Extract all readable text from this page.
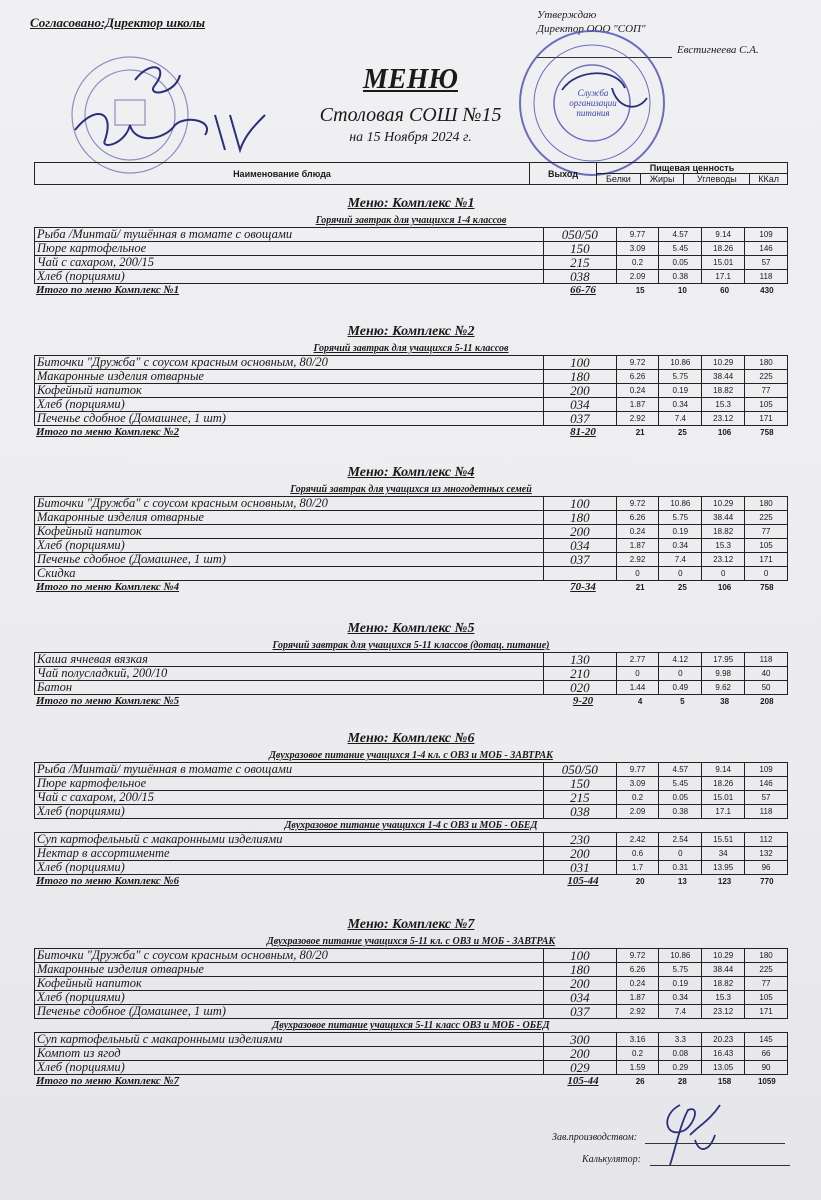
Согласовано:Директор школы	Утверждаю
Директор ООО "СОП"
Евстигнеева С.А.
Служба
организации
питания
МЕНЮ
Столовая СОШ №15
на 15 Ноября 2024 г.
Наименование блюда	Выход	Пищевая ценность			
		Белки	Жиры	Углеводы	ККал
Меню: Комплекс №1
Горячий завтрак для учащихся 1-4 классов
Рыба /Минтай/ тушённая в томате с овощами	050/50	9.77	4.57	9.14	109
Пюре картофельное	150	3.09	5.45	18.26	146
Чай с сахаром, 200/15	215	0.2	0.05	15.01	57
Хлеб (порциями)	038	2.09	0.38	17.1	118
Итого по меню Комплекс №1	66-76	15	10	60	430
Меню: Комплекс №2
Горячий завтрак для учащихся 5-11 классов
Биточки "Дружба" с соусом красным основным, 80/20	100	9.72	10.86	10.29	180
Макаронные изделия отварные	180	6.26	5.75	38.44	225
Кофейный напиток	200	0.24	0.19	18.82	77
Хлеб (порциями)	034	1.87	0.34	15.3	105
Печенье сдобное (Домашнее, 1 шт)	037	2.92	7.4	23.12	171
Итого по меню Комплекс №2	81-20	21	25	106	758
Меню: Комплекс №4
Горячий завтрак для учащихся из многодетных семей
Биточки "Дружба" с соусом красным основным, 80/20	100	9.72	10.86	10.29	180
Макаронные изделия отварные	180	6.26	5.75	38.44	225
Кофейный напиток	200	0.24	0.19	18.82	77
Хлеб (порциями)	034	1.87	0.34	15.3	105
Печенье сдобное (Домашнее, 1 шт)	037	2.92	7.4	23.12	171
Скидка		0	0	0	0
Итого по меню Комплекс №4	70-34	21	25	106	758
Меню: Комплекс №5
Горячий завтрак для учащихся 5-11 классов (дотац. питание)
Каша ячневая вязкая	130	2.77	4.12	17.95	118
Чай полусладкий, 200/10	210	0	0	9.98	40
Батон	020	1.44	0.49	9.62	50
Итого по меню Комплекс №5	9-20	4	5	38	208
Меню: Комплекс №6
Двухразовое питание учащихся 1-4 кл. с ОВЗ и МОБ - ЗАВТРАК
Рыба /Минтай/ тушённая в томате с овощами	050/50	9.77	4.57	9.14	109
Пюре картофельное	150	3.09	5.45	18.26	146
Чай с сахаром, 200/15	215	0.2	0.05	15.01	57
Хлеб (порциями)	038	2.09	0.38	17.1	118
Двухразовое питание учащихся 1-4 с ОВЗ и МОБ - ОБЕД
Суп картофельный с макаронными изделиями	230	2.42	2.54	15.51	112
Нектар в ассортименте	200	0.6	0	34	132
Хлеб (порциями)	031	1.7	0.31	13.95	96
Итого по меню Комплекс №6	105-44	20	13	123	770
Меню: Комплекс №7
Двухразовое питание учащихся 5-11 кл. с ОВЗ и МОБ - ЗАВТРАК
Биточки "Дружба" с соусом красным основным, 80/20	100	9.72	10.86	10.29	180
Макаронные изделия отварные	180	6.26	5.75	38.44	225
Кофейный напиток	200	0.24	0.19	18.82	77
Хлеб (порциями)	034	1.87	0.34	15.3	105
Печенье сдобное (Домашнее, 1 шт)	037	2.92	7.4	23.12	171
Двухразовое питание учащихся 5-11 класс ОВЗ и МОБ - ОБЕД
Суп картофельный с макаронными изделиями	300	3.16	3.3	20.23	145
Компот из ягод	200	0.2	0.08	16.43	66
Хлеб (порциями)	029	1.59	0.29	13.05	90
Итого по меню Комплекс №7	105-44	26	28	158	1059
Зав.производством:
Калькулятор:
